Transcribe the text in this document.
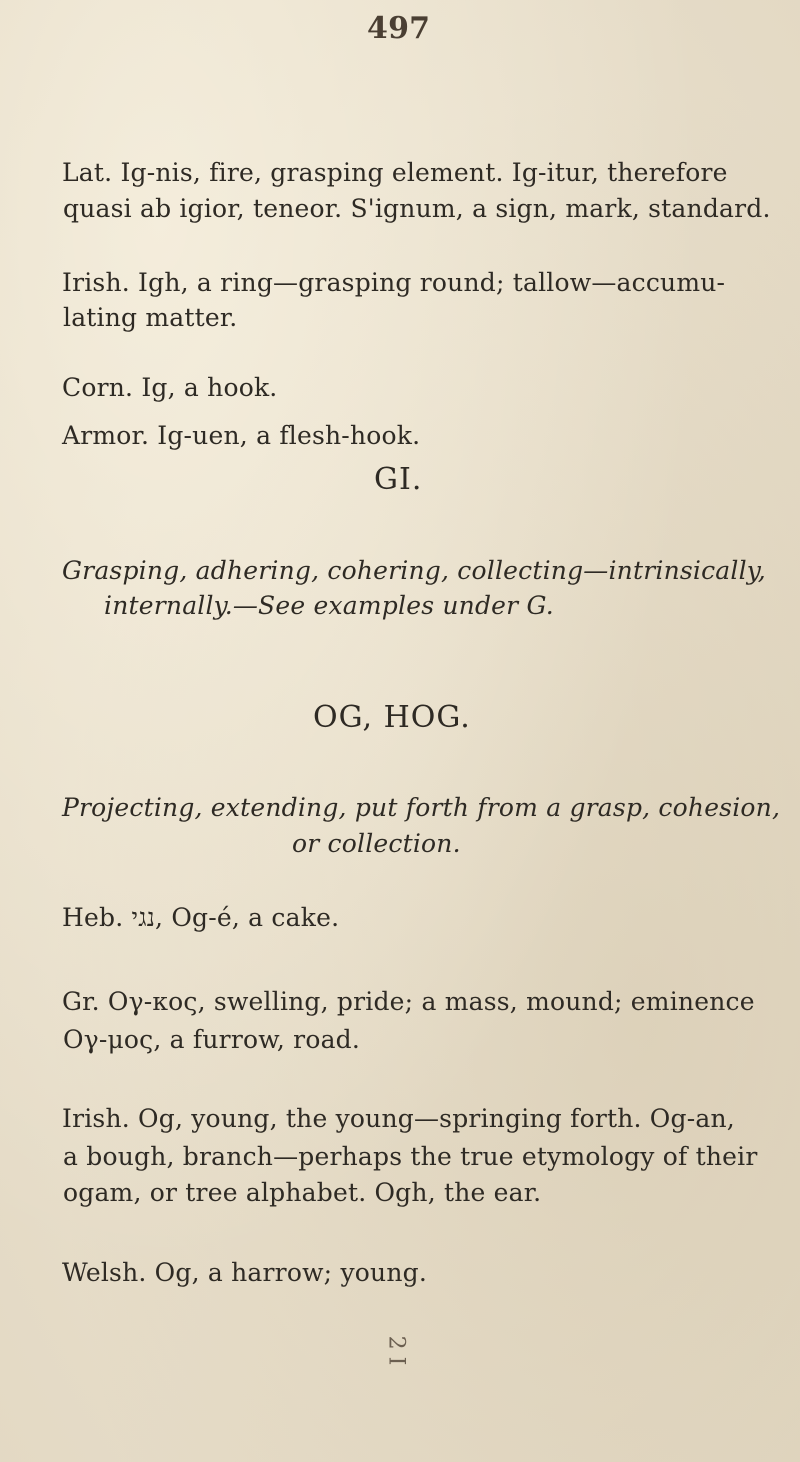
497
Lat. Ig-nis, fire, grasping element. Ig-itur, therefore
quasi ab igior, teneor. S'ignum, a sign, mark, standard.
Irish. Igh, a ring—grasping round; tallow—accumu-
lating matter.
Corn. Ig, a hook.
Armor. Ig-uen, a flesh-hook.
GI.
Grasping, adhering, cohering, collecting—intrinsically,
internally.—See examples under G.
OG, HOG.
Projecting, extending, put forth from a grasp, cohesion,
or collection.
Heb. נגי, Og-é, a cake.
Gr. Oγ-κος, swelling, pride; a mass, mound; eminence
Oγ-μος, a furrow, road.
Irish. Og, young, the young—springing forth. Og-an,
a bough, branch—perhaps the true etymology of their
ogam, or tree alphabet. Ogh, the ear.
Welsh. Og, a harrow; young.
2 I
